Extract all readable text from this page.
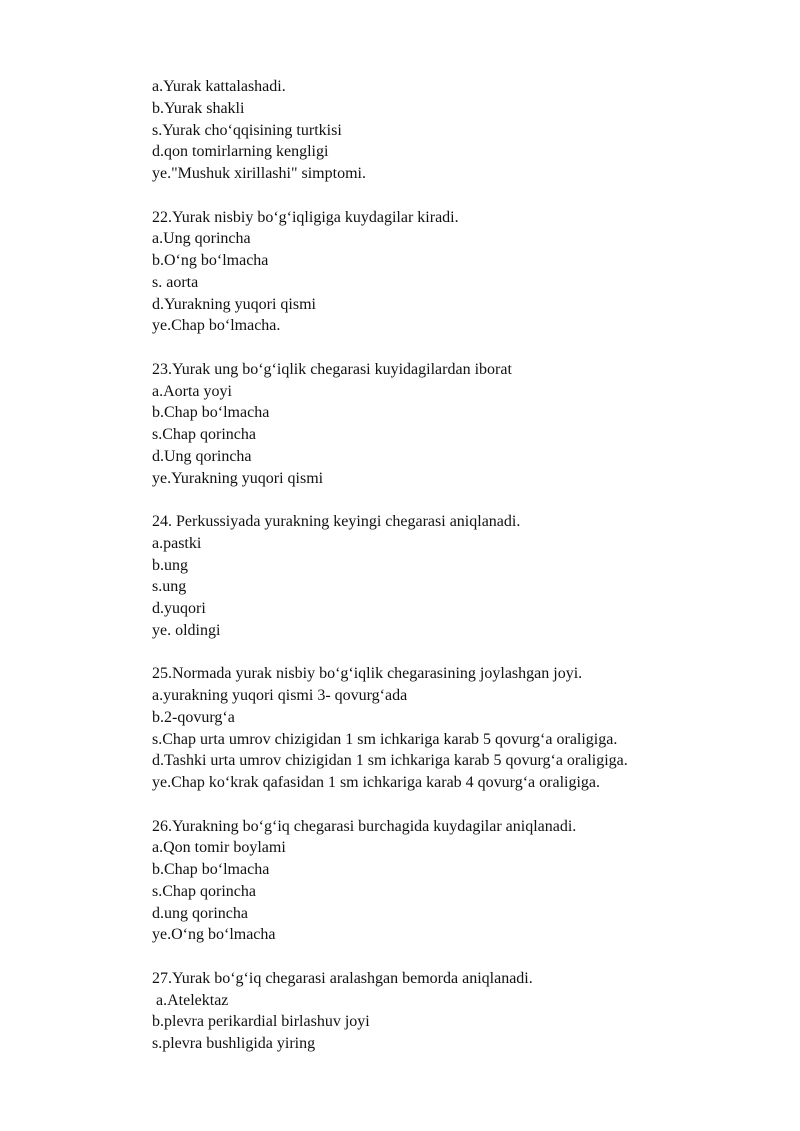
a.Yurak kattalashadi.
b.Yurak shakli
s.Yurak cho‘qqisining turtkisi
d.qon tomirlarning kengligi
ye."Mushuk xirillashi" simptomi.
22.Yurak nisbiy bo‘g‘iqligiga kuydagilar kiradi.
a.Ung qorincha
b.O‘ng bo‘lmacha
s. aorta
d.Yurakning yuqori qismi
ye.Chap bo‘lmacha.
23.Yurak ung bo‘g‘iqlik chegarasi kuyidagilardan iborat
a.Aorta yoyi
b.Chap bo‘lmacha
s.Chap qorincha
d.Ung qorincha
ye.Yurakning yuqori qismi
24. Perkussiyada yurakning keyingi chegarasi aniqlanadi.
a.pastki
b.ung
s.ung
d.yuqori
ye. oldingi
25.Normada yurak nisbiy bo‘g‘iqlik chegarasining joylashgan joyi.
a.yurakning yuqori qismi 3- qovurg‘ada
b.2-qovurg‘a
s.Chap urta umrov chizigidan 1 sm ichkariga karab 5 qovurg‘a oraligiga.
d.Tashki urta umrov chizigidan 1 sm ichkariga karab 5 qovurg‘a oraligiga.
ye.Chap ko‘krak qafasidan 1 sm ichkariga karab 4 qovurg‘a oraligiga.
26.Yurakning bo‘g‘iq chegarasi burchagida kuydagilar aniqlanadi.
a.Qon tomir boylami
b.Chap bo‘lmacha
s.Chap qorincha
d.ung qorincha
ye.O‘ng bo‘lmacha
27.Yurak bo‘g‘iq chegarasi aralashgan bemorda aniqlanadi.
a.Atelektaz
b.plevra perikardial birlashuv joyi
s.plevra bushligida yiring
